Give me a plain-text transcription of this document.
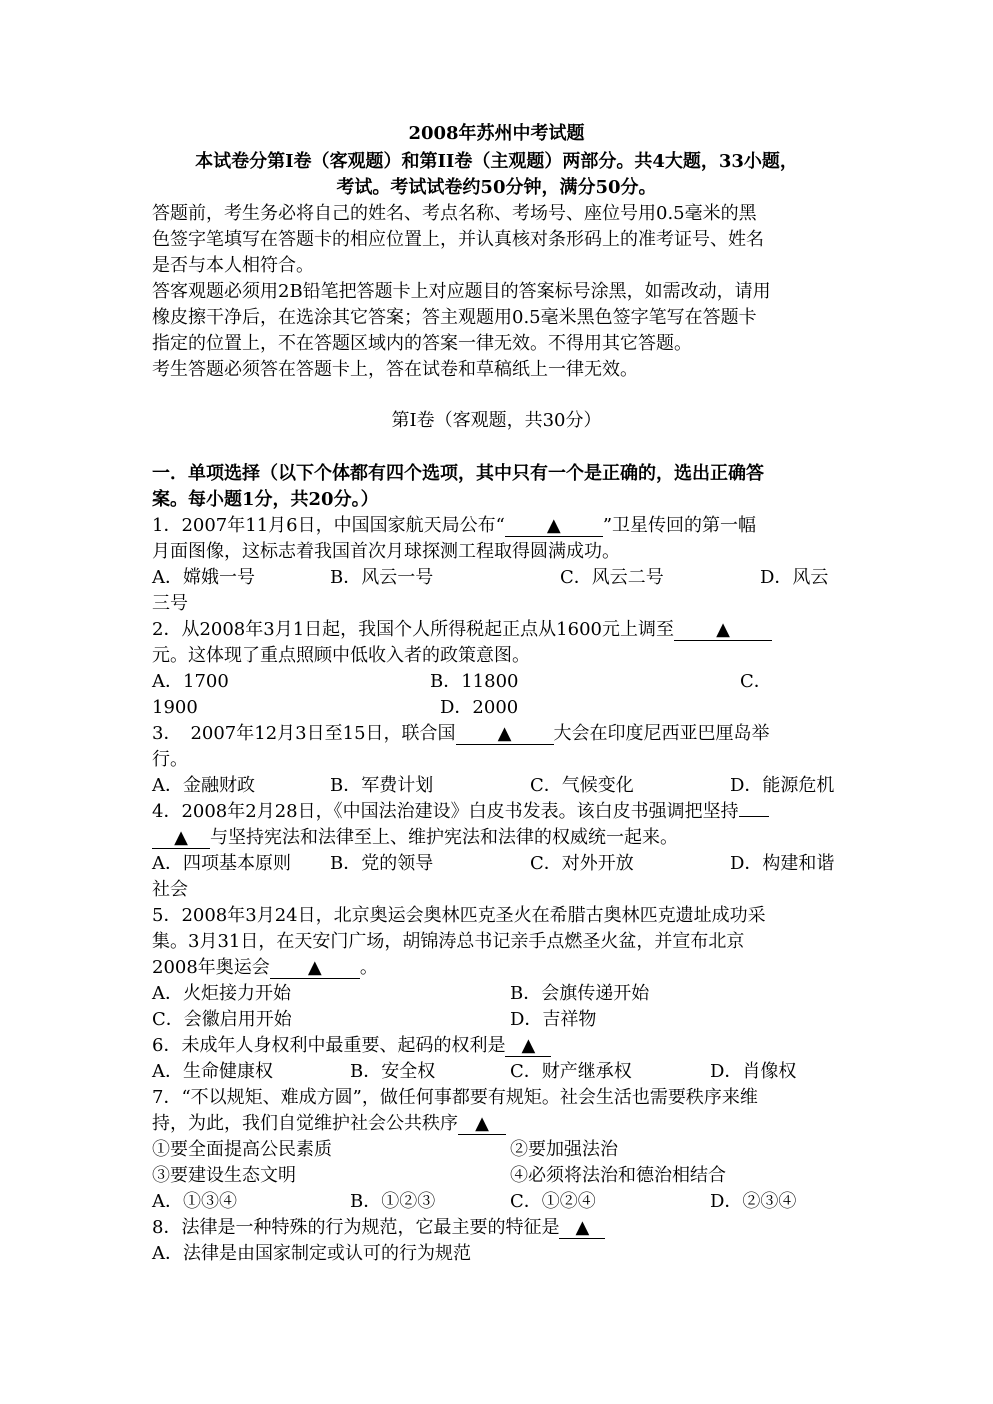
2008年苏州中考试题
本试卷分第Ⅰ卷（客观题）和第II卷（主观题）两部分。共4大题，33小题，
考试。考试试卷约50分钟，满分50分。
答题前，考生务必将自己的姓名、考点名称、考场号、座位号用0.5毫米的黑
色签字笔填写在答题卡的相应位置上，并认真核对条形码上的准考证号、姓名
是否与本人相符合。
答客观题必须用2B铅笔把答题卡上对应题目的答案标号涂黑，如需改动，请用
橡皮擦干净后，在选涂其它答案；答主观题用0.5毫米黑色签字笔写在答题卡
指定的位置上，不在答题区域内的答案一律无效。不得用其它答题。
考生答题必须答在答题卡上，答在试卷和草稿纸上一律无效。
第Ⅰ卷（客观题，共30分）
一．单项选择（以下个体都有四个选项，其中只有一个是正确的，选出正确答
案。每小题1分，共20分。）
1．2007年11月6日，中国国家航天局公布“ ▲ ”卫星传回的第一幅
月面图像，这标志着我国首次月球探测工程取得圆满成功。
A．嫦娥一号	B．风云一号	C．风云二号	D．风云
三号
2．从2008年3月1日起，我国个人所得税起正点从1600元上调至 ▲
元。这体现了重点照顾中低收入者的政策意图。
A．1700	B．11800	C．
1900	D．2000
3．　2007年12月3日至15日，联合国 ▲ 大会在印度尼西亚巴厘岛举
行。
A．金融财政	B．军费计划	C．气候变化	D．能源危机
4．2008年2月28日，《中国法治建设》白皮书发表。该白皮书强调把坚持
▲ 与坚持宪法和法律至上、维护宪法和法律的权威统一起来。
A．四项基本原则 B．党的领导	C．对外开放	D．构建和谐
社会
5．2008年3月24日，北京奥运会奥林匹克圣火在希腊古奥林匹克遗址成功采
集。3月31日，在天安门广场，胡锦涛总书记亲手点燃圣火盆，并宣布北京
2008年奥运会 ▲ 。
A．火炬接力开始	B．会旗传递开始
C．会徽启用开始	D．吉祥物
6．未成年人身权利中最重要、起码的权利是 ▲
A．生命健康权	B．安全权	C．财产继承权	D．肖像权
7．“不以规矩、难成方圆”，做任何事都要有规矩。社会生活也需要秩序来维
持，为此，我们自觉维护社会公共秩序 ▲
①要全面提高公民素质	②要加强法治
③要建设生态文明	④必须将法治和德治相结合
A．①③④	B．①②③	C．①②④	D．②③④
8．法律是一种特殊的行为规范，它最主要的特征是 ▲
A．法律是由国家制定或认可的行为规范
